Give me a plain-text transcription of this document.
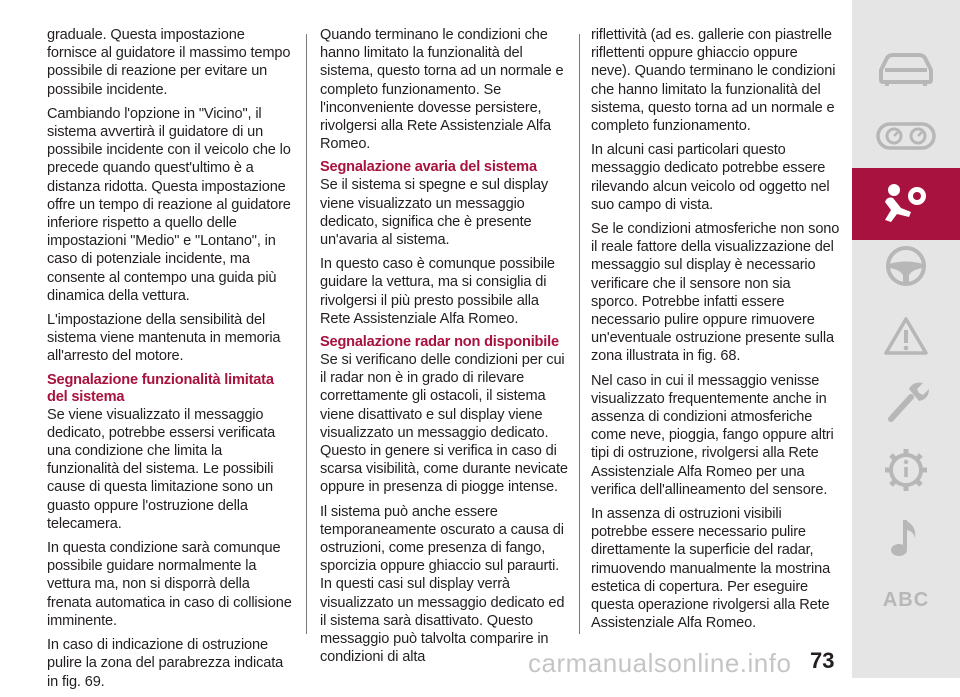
graduale. Questa impostazione fornisce al guidatore il massimo tempo possibile di reazione per evitare un possibile incidente.

Cambiando l'opzione in "Vicino", il sistema avvertirà il guidatore di un possibile incidente con il veicolo che lo precede quando quest'ultimo è a distanza ridotta. Questa impostazione offre un tempo di reazione al guidatore inferiore rispetto a quello delle impostazioni "Medio" e "Lontano", in caso di potenziale incidente, ma consente al contempo una guida più dinamica della vettura.

L'impostazione della sensibilità del sistema viene mantenuta in memoria all'arresto del motore.

Segnalazione funzionalità limitata del sistema

Se viene visualizzato il messaggio dedicato, potrebbe essersi verificata una condizione che limita la funzionalità del sistema. Le possibili cause di questa limitazione sono un guasto oppure l'ostruzione della telecamera.

In questa condizione sarà comunque possibile guidare normalmente la vettura ma, non si disporrà della frenata automatica in caso di collisione imminente.

In caso di indicazione di ostruzione pulire la zona del parabrezza indicata in fig. 69.

Quando terminano le condizioni che hanno limitato la funzionalità del sistema, questo torna ad un normale e completo funzionamento. Se l'inconveniente dovesse persistere, rivolgersi alla Rete Assistenziale Alfa Romeo.

Segnalazione avaria del sistema

Se il sistema si spegne e sul display viene visualizzato un messaggio dedicato, significa che è presente un'avaria al sistema.

In questo caso è comunque possibile guidare la vettura, ma si consiglia di rivolgersi il più presto possibile alla Rete Assistenziale Alfa Romeo.

Segnalazione radar non disponibile

Se si verificano delle condizioni per cui il radar non è in grado di rilevare correttamente gli ostacoli, il sistema viene disattivato e sul display viene visualizzato un messaggio dedicato. Questo in genere si verifica in caso di scarsa visibilità, come durante nevicate oppure in presenza di piogge intense.

Il sistema può anche essere temporaneamente oscurato a causa di ostruzioni, come presenza di fango, sporcizia oppure ghiaccio sul paraurti. In questi casi sul display verrà visualizzato un messaggio dedicato ed il sistema sarà disattivato. Questo messaggio può talvolta comparire in condizioni di alta

riflettività (ad es. gallerie con piastrelle riflettenti oppure ghiaccio oppure neve). Quando terminano le condizioni che hanno limitato la funzionalità del sistema, questo torna ad un normale e completo funzionamento.

In alcuni casi particolari questo messaggio dedicato potrebbe essere rilevando alcun veicolo od oggetto nel suo campo di vista.

Se le condizioni atmosferiche non sono il reale fattore della visualizzazione del messaggio sul display è necessario verificare che il sensore non sia sporco. Potrebbe infatti essere necessario pulire oppure rimuovere un'eventuale ostruzione presente sulla zona illustrata in fig. 68.

Nel caso in cui il messaggio venisse visualizzato frequentemente anche in assenza di condizioni atmosferiche come neve, pioggia, fango oppure altri tipi di ostruzione, rivolgersi alla Rete Assistenziale Alfa Romeo per una verifica dell'allineamento del sensore.

In assenza di ostruzioni visibili potrebbe essere necessario pulire direttamente la superficie del radar, rimuovendo manualmente la mostrina estetica di copertura. Per eseguire questa operazione rivolgersi alla Rete Assistenziale Alfa Romeo.

ABC
carmanualsonline.info 73
